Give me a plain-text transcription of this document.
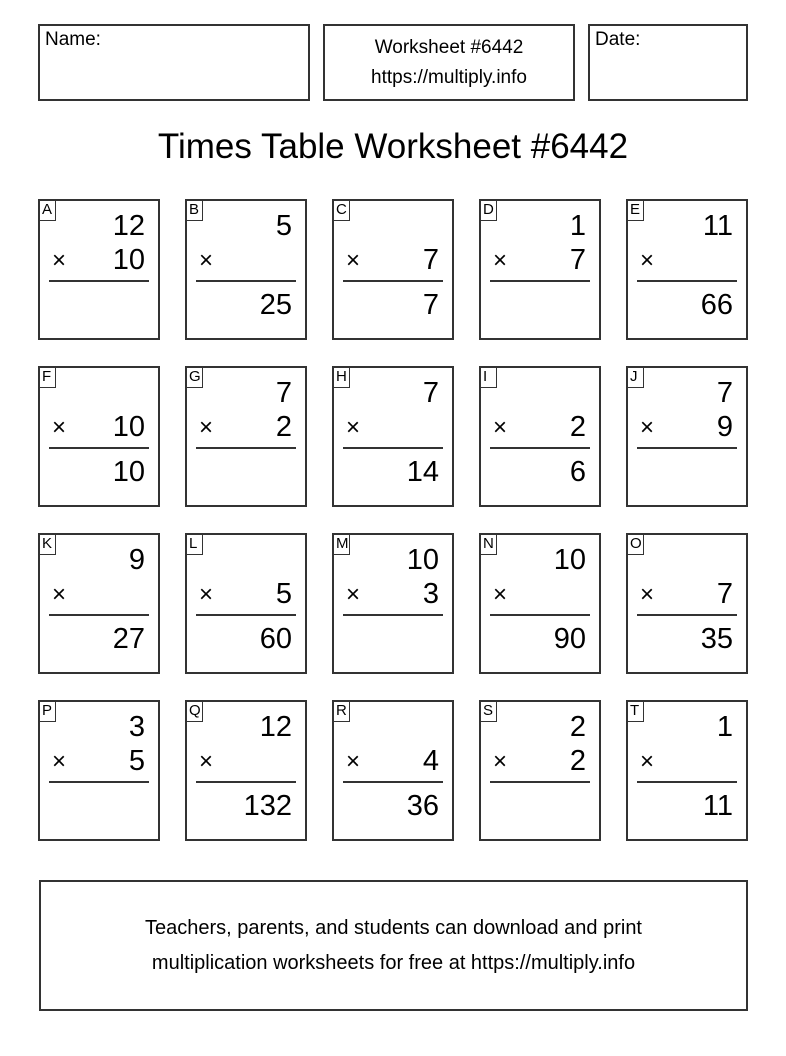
Name:	Worksheet #6442
https://multiply.info
Date:
Times Table Worksheet #6442
A
12
× 10
B
5
×
25
C
× 7
7
D
1
× 7
E
11
×
66
F
× 10
10
G
7
× 2
H
7
×
14
I
× 2
6
J
7
× 9
K
9
×
27
L
× 5
60
M
10
× 3
N
10
×
90
O
× 7
35
P
3
× 5
Q
12
×
132
R
× 4
36
S
2
× 2
T
1
×
11
Teachers, parents, and students can download and print
multiplication worksheets for free at https://multiply.info
